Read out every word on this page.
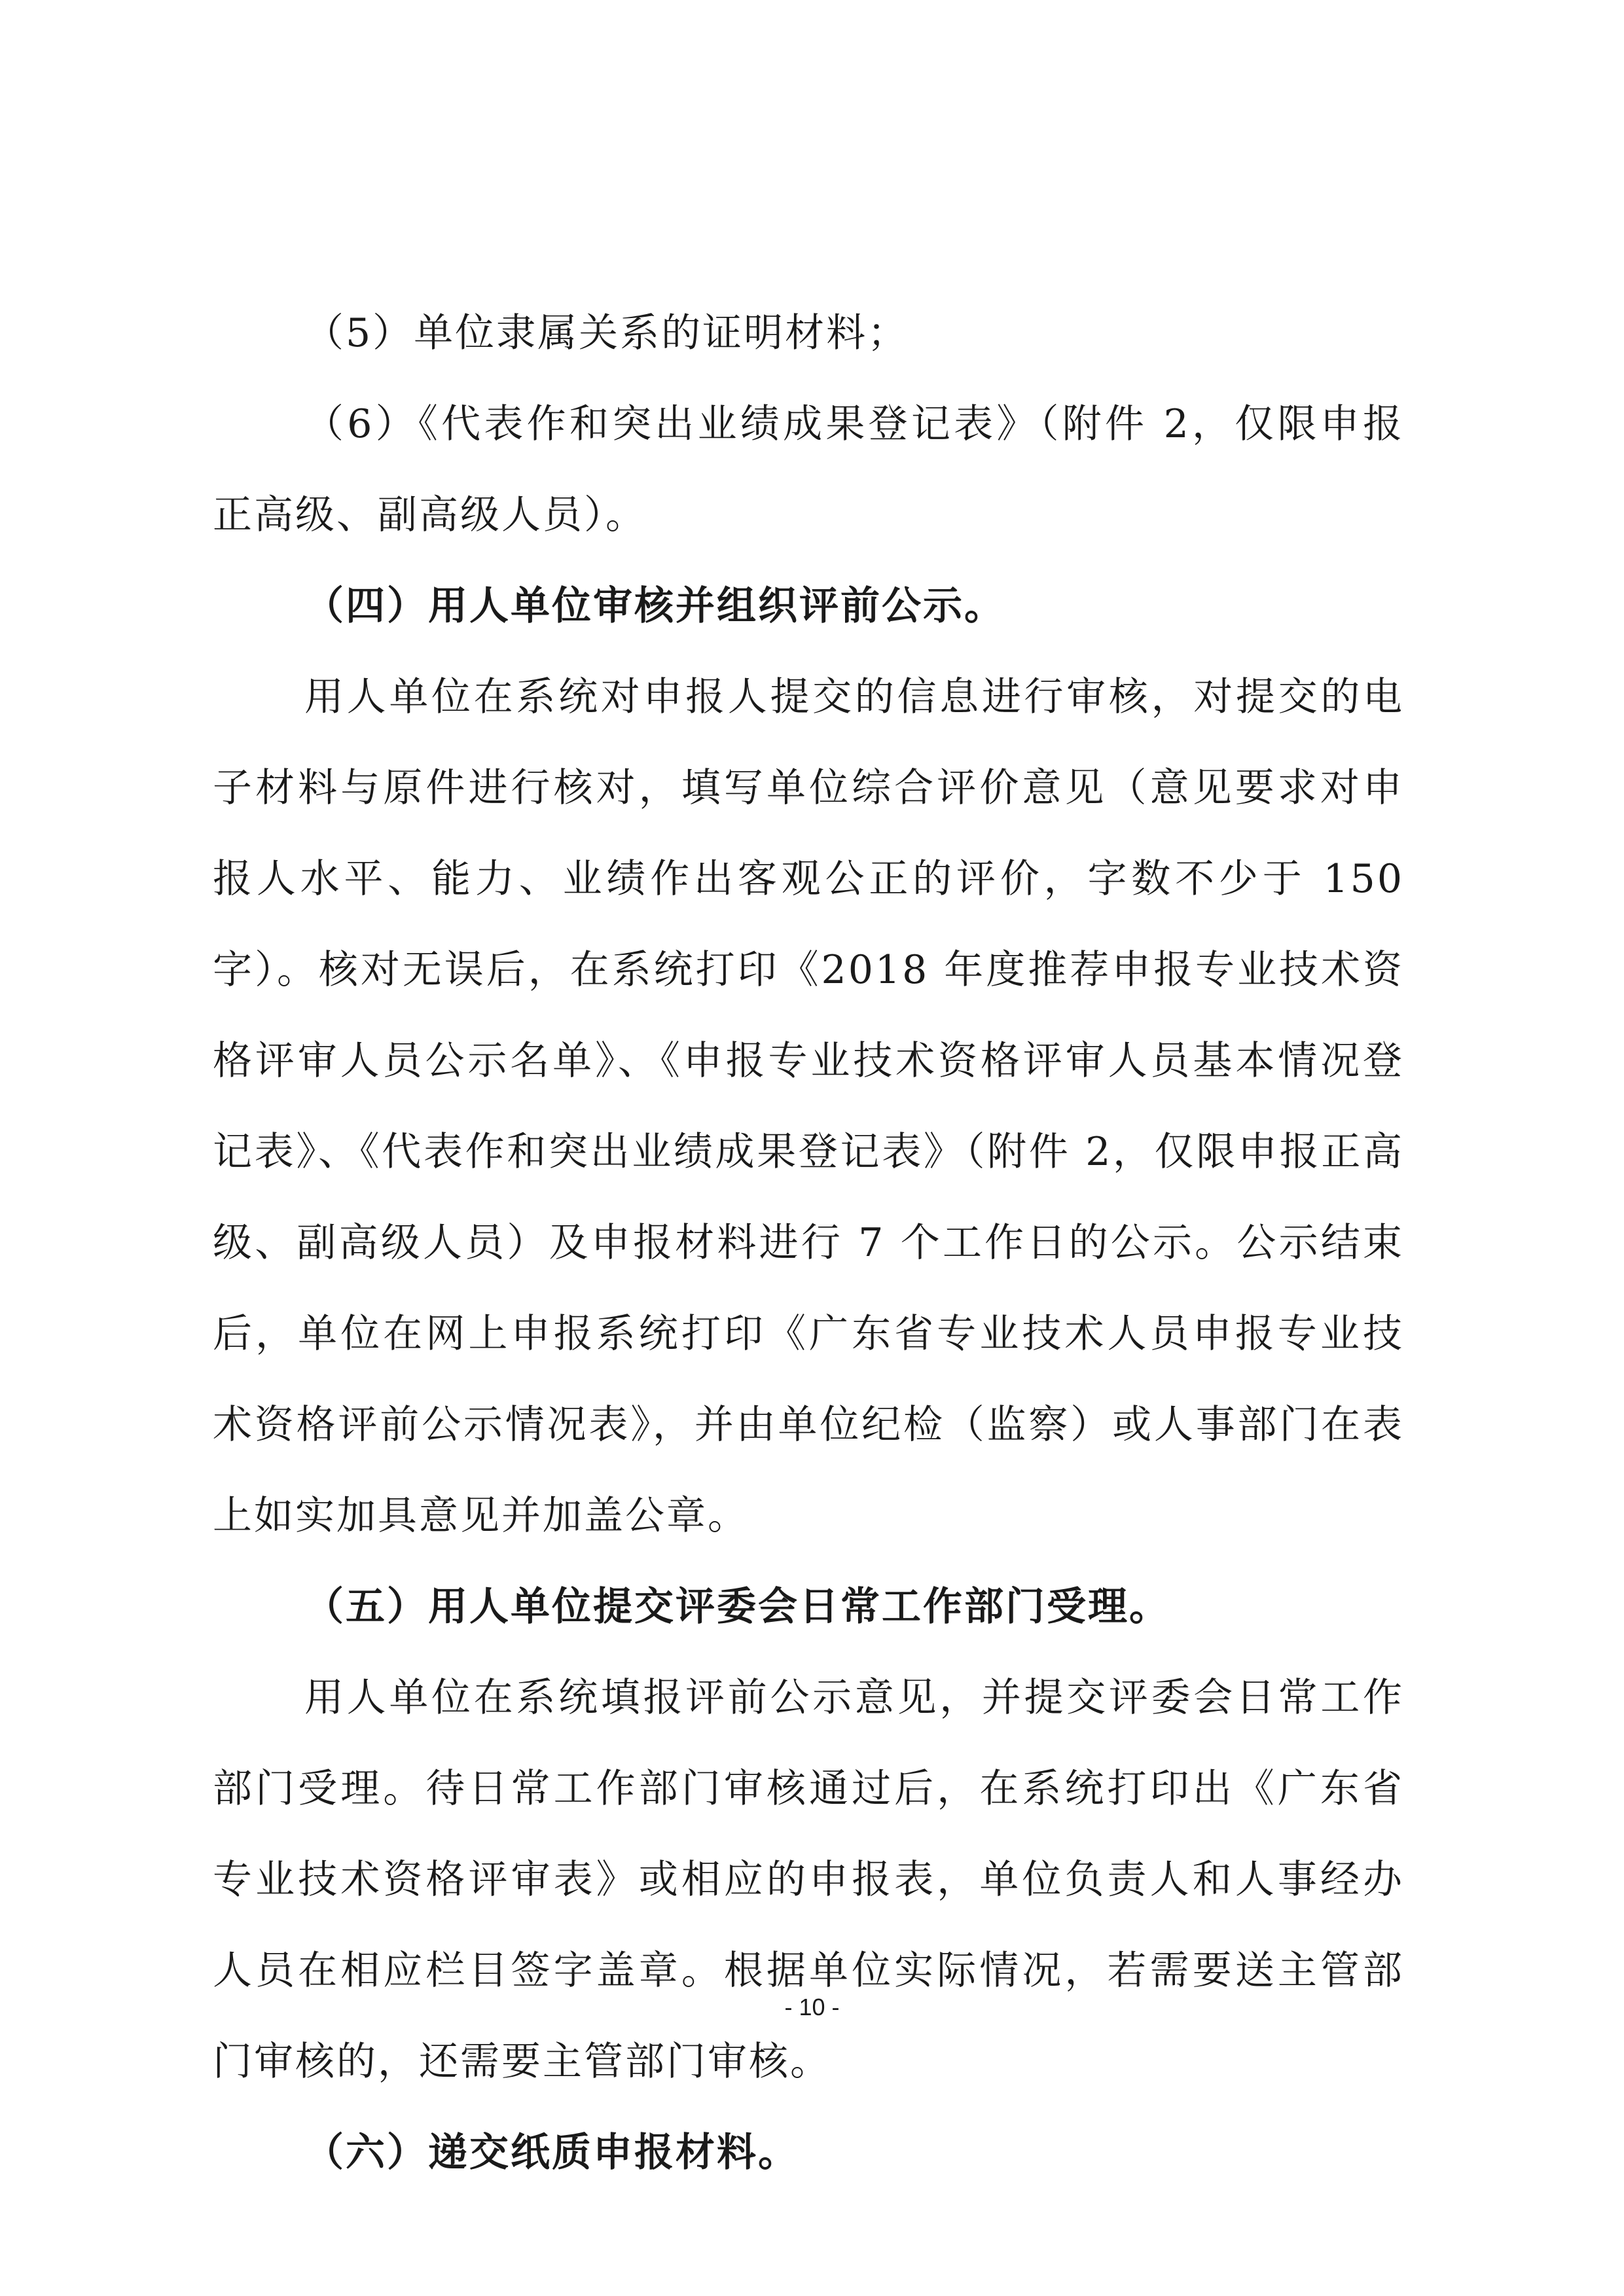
（5）单位隶属关系的证明材料；

（6）《代表作和突出业绩成果登记表》（附件 2，仅限申报正高级、副高级人员）。

（四）用人单位审核并组织评前公示。

用人单位在系统对申报人提交的信息进行审核，对提交的电子材料与原件进行核对，填写单位综合评价意见（意见要求对申报人水平、能力、业绩作出客观公正的评价，字数不少于 150 字）。核对无误后，在系统打印《2018 年度推荐申报专业技术资格评审人员公示名单》、《申报专业技术资格评审人员基本情况登记表》、《代表作和突出业绩成果登记表》（附件 2，仅限申报正高级、副高级人员）及申报材料进行 7 个工作日的公示。公示结束后，单位在网上申报系统打印《广东省专业技术人员申报专业技术资格评前公示情况表》，并由单位纪检（监察）或人事部门在表上如实加具意见并加盖公章。

（五）用人单位提交评委会日常工作部门受理。

用人单位在系统填报评前公示意见，并提交评委会日常工作部门受理。待日常工作部门审核通过后，在系统打印出《广东省专业技术资格评审表》或相应的申报表，单位负责人和人事经办人员在相应栏目签字盖章。根据单位实际情况，若需要送主管部门审核的，还需要主管部门审核。

（六）递交纸质申报材料。

- 10 -
